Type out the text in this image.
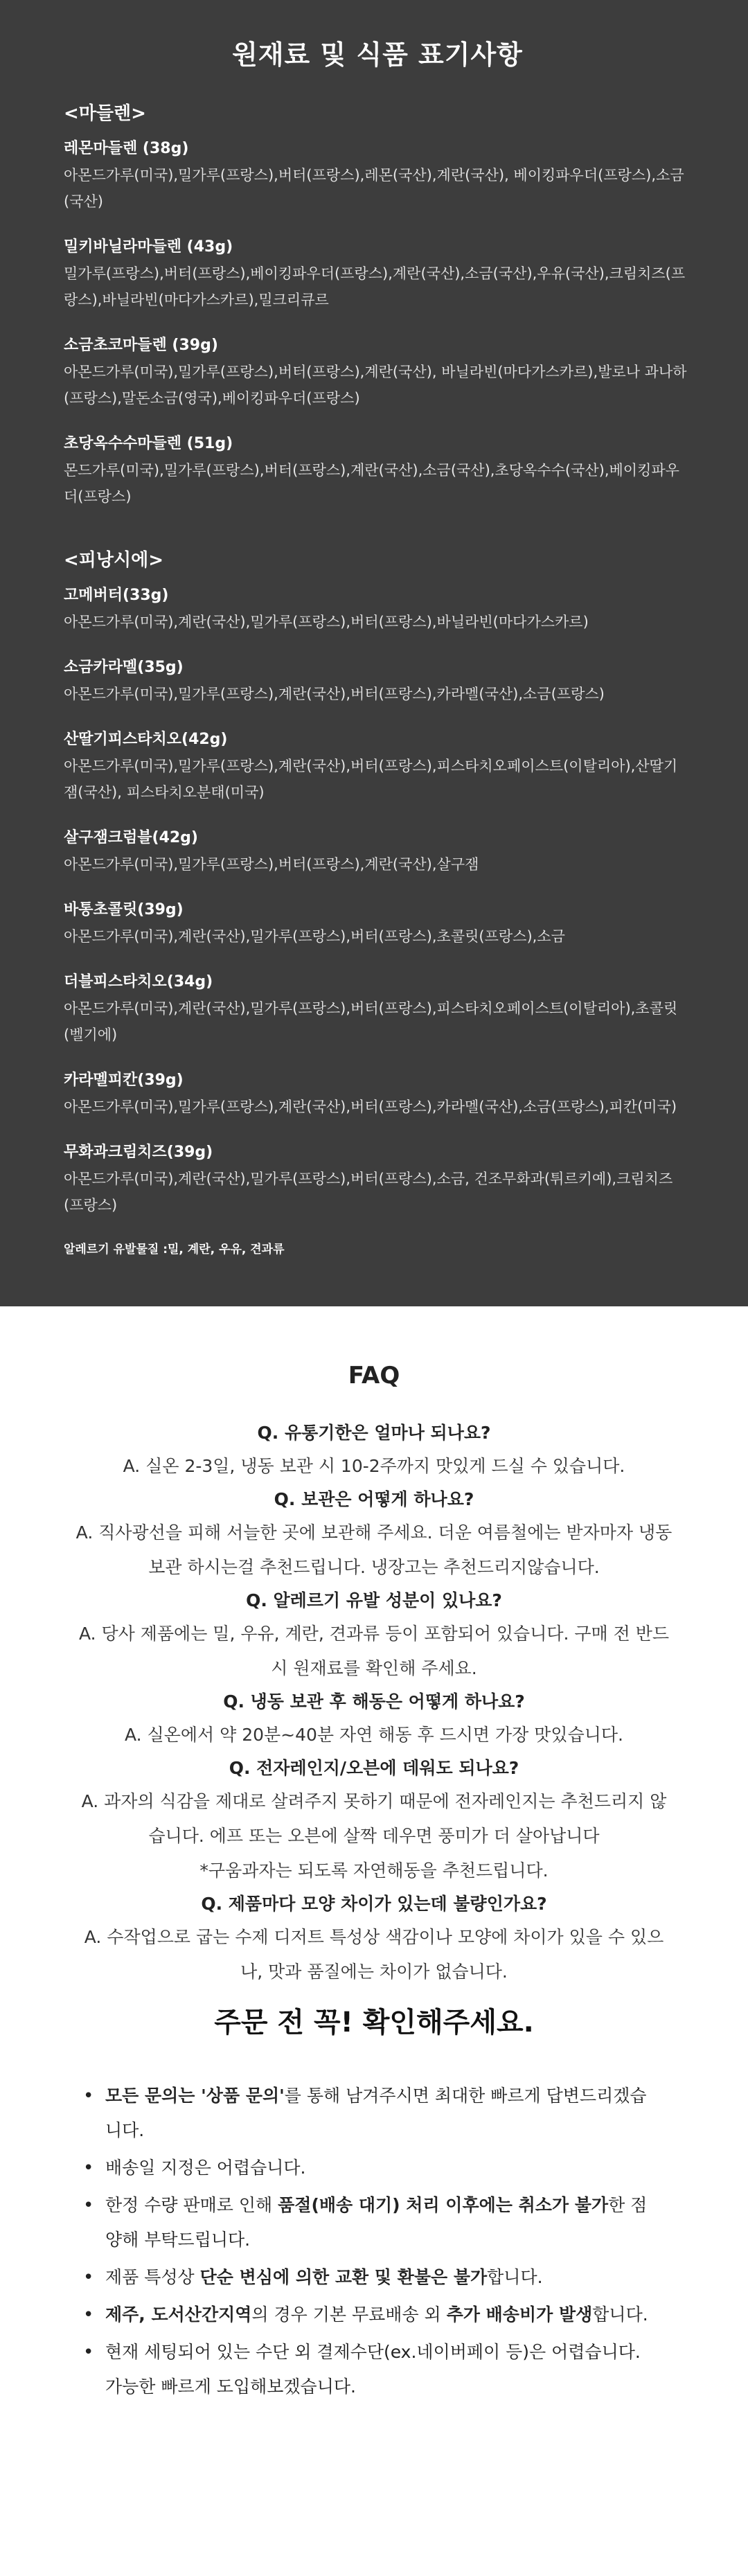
원재료 및 식품 표기사항
<마들렌>
레몬마들렌 (38g)
아몬드가루(미국),밀가루(프랑스),버터(프랑스),레몬(국산),계란(국산), 베이킹파우더(프랑스),소금(국산)
밀키바닐라마들렌 (43g)
밀가루(프랑스),버터(프랑스),베이킹파우더(프랑스),계란(국산),소금(국산),우유(국산),크림치즈(프랑스),바닐라빈(마다가스카르),밀크리큐르
소금초코마들렌 (39g)
아몬드가루(미국),밀가루(프랑스),버터(프랑스),계란(국산), 바닐라빈(마다가스카르),발로나 과나하(프랑스),말돈소금(영국),베이킹파우더(프랑스)
초당옥수수마들렌 (51g)
몬드가루(미국),밀가루(프랑스),버터(프랑스),계란(국산),소금(국산),초당옥수수(국산),베이킹파우더(프랑스)
<피낭시에>
고메버터(33g)
아몬드가루(미국),계란(국산),밀가루(프랑스),버터(프랑스),바닐라빈(마다가스카르)
소금카라멜(35g)
아몬드가루(미국),밀가루(프랑스),계란(국산),버터(프랑스),카라멜(국산),소금(프랑스)
산딸기피스타치오(42g)
아몬드가루(미국),밀가루(프랑스),계란(국산),버터(프랑스),피스타치오페이스트(이탈리아),산딸기잼(국산), 피스타치오분태(미국)
살구잼크럼블(42g)
아몬드가루(미국),밀가루(프랑스),버터(프랑스),계란(국산),살구잼
바통초콜릿(39g)
아몬드가루(미국),계란(국산),밀가루(프랑스),버터(프랑스),초콜릿(프랑스),소금
더블피스타치오(34g)
아몬드가루(미국),계란(국산),밀가루(프랑스),버터(프랑스),피스타치오페이스트(이탈리아),초콜릿(벨기에)
카라멜피칸(39g)
아몬드가루(미국),밀가루(프랑스),계란(국산),버터(프랑스),카라멜(국산),소금(프랑스),피칸(미국)
무화과크림치즈(39g)
아몬드가루(미국),계란(국산),밀가루(프랑스),버터(프랑스),소금, 건조무화과(튀르키예),크림치즈(프랑스)
알레르기 유발물질 :밀, 계란, 우유, 견과류
FAQ
Q. 유통기한은 얼마나 되나요?
A. 실온 2-3일, 냉동 보관 시 10-2주까지 맛있게 드실 수 있습니다.
Q. 보관은 어떻게 하나요?
A. 직사광선을 피해 서늘한 곳에 보관해 주세요. 더운 여름철에는 받자마자 냉동보관 하시는걸 추천드립니다. 냉장고는 추천드리지않습니다.
Q. 알레르기 유발 성분이 있나요?
A. 당사 제품에는 밀, 우유, 계란, 견과류 등이 포함되어 있습니다. 구매 전 반드시 원재료를 확인해 주세요.
Q. 냉동 보관 후 해동은 어떻게 하나요?
A. 실온에서 약 20분~40분 자연 해동 후 드시면 가장 맛있습니다.
Q. 전자레인지/오븐에 데워도 되나요?
A. 과자의 식감을 제대로 살려주지 못하기 때문에 전자레인지는 추천드리지 않습니다. 에프 또는 오븐에 살짝 데우면 풍미가 더 살아납니다
*구움과자는 되도록 자연해동을 추천드립니다.
Q. 제품마다 모양 차이가 있는데 불량인가요?
A. 수작업으로 굽는 수제 디저트 특성상 색감이나 모양에 차이가 있을 수 있으나, 맛과 품질에는 차이가 없습니다.
주문 전 꼭! 확인해주세요.
• 모든 문의는 '상품 문의'를 통해 남겨주시면 최대한 빠르게 답변드리겠습니다.
• 배송일 지정은 어렵습니다.
• 한정 수량 판매로 인해 품절(배송 대기) 처리 이후에는 취소가 불가한 점 양해 부탁드립니다.
• 제품 특성상 단순 변심에 의한 교환 및 환불은 불가합니다.
• 제주, 도서산간지역의 경우 기본 무료배송 외 추가 배송비가 발생합니다.
• 현재 세팅되어 있는 수단 외 결제수단(ex.네이버페이 등)은 어렵습니다. 가능한 빠르게 도입해보겠습니다.
